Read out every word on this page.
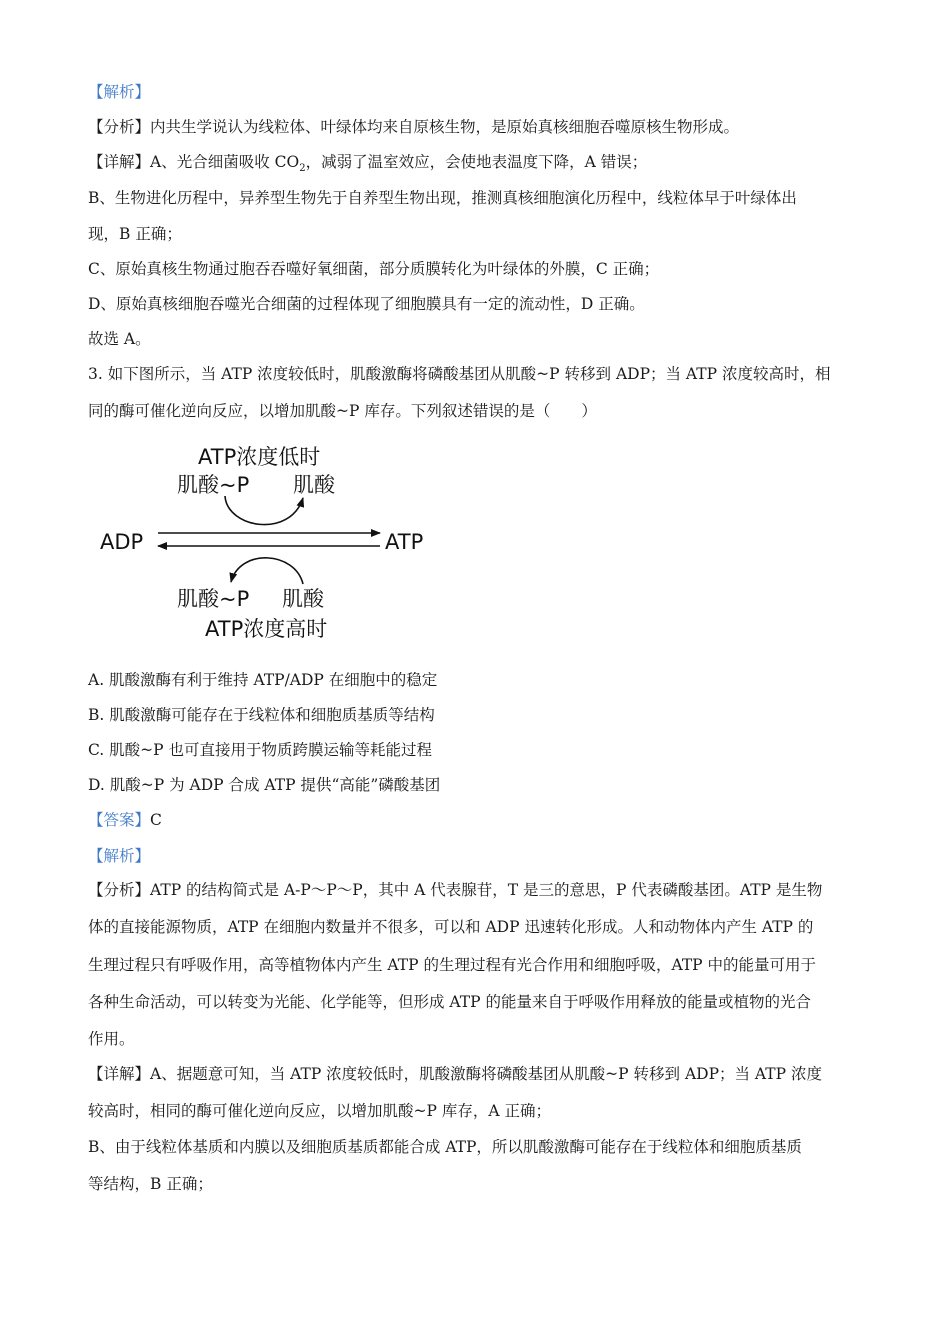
【解析】
【分析】内共生学说认为线粒体、叶绿体均来自原核生物，是原始真核细胞吞噬原核生物形成。
【详解】A、光合细菌吸收 $CO_2$，减弱了温室效应，会使地表温度下降，A 错误；
B、生物进化历程中，异养型生物先于自养型生物出现，推测真核细胞演化历程中，线粒体早于叶绿体出
现，B 正确；
C、原始真核生物通过胞吞吞噬好氧细菌，部分质膜转化为叶绿体的外膜，C 正确；
D、原始真核细胞吞噬光合细菌的过程体现了细胞膜具有一定的流动性，D 正确。
故选 A。
3. 如下图所示，当 ATP 浓度较低时，肌酸激酶将磷酸基团从肌酸~P 转移到 ADP；当 ATP 浓度较高时，相
同的酶可催化逆向反应，以增加肌酸~P 库存。下列叙述错误的是（　　）
ATP浓度低时
肌酸~P 肌酸
ADP	ATP
肌酸~P 肌酸
ATP浓度高时
A. 肌酸激酶有利于维持 ATP/ADP 在细胞中的稳定
B. 肌酸激酶可能存在于线粒体和细胞质基质等结构
C. 肌酸~P 也可直接用于物质跨膜运输等耗能过程
D. 肌酸~P 为 ADP 合成 ATP 提供“高能”磷酸基团
【答案】C
【解析】
【分析】ATP 的结构简式是 A-P～P～P，其中 A 代表腺苷，T 是三的意思，P 代表磷酸基团。ATP 是生物
体的直接能源物质，ATP 在细胞内数量并不很多，可以和 ADP 迅速转化形成。人和动物体内产生 ATP 的
生理过程只有呼吸作用，高等植物体内产生 ATP 的生理过程有光合作用和细胞呼吸，ATP 中的能量可用于
各种生命活动，可以转变为光能、化学能等，但形成 ATP 的能量来自于呼吸作用释放的能量或植物的光合
作用。
【详解】A、据题意可知，当 ATP 浓度较低时，肌酸激酶将磷酸基团从肌酸~P 转移到 ADP；当 ATP 浓度
较高时，相同的酶可催化逆向反应，以增加肌酸~P 库存，A 正确；
B、由于线粒体基质和内膜以及细胞质基质都能合成 ATP，所以肌酸激酶可能存在于线粒体和细胞质基质
等结构，B 正确；
